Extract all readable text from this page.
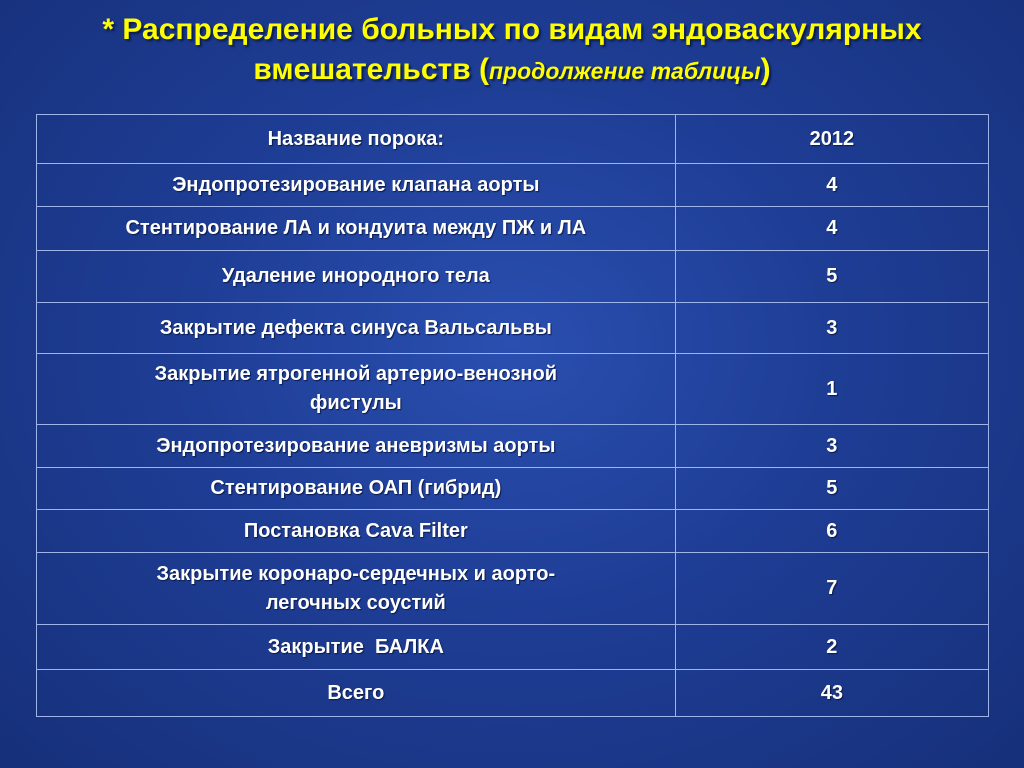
* Распределение больных по видам эндоваскулярных
вмешательств (продолжение таблицы)
Название порока:	2012
Эндопротезирование клапана аорты	4
Стентирование ЛА и кондуита между ПЖ и ЛА	4
Удаление инородного тела	5
Закрытие дефекта синуса Вальсальвы	3

Закрытие ятрогенной артерио-венозной
фистулы	1
Эндопротезирование аневризмы аорты	3
Стентирование ОАП (гибрид)	5
Постановка Cava Filter	6

Закрытие коронаро-сердечных и аорто-
легочных соустий	7
Закрытие  БАЛКА	2
Всего	43
